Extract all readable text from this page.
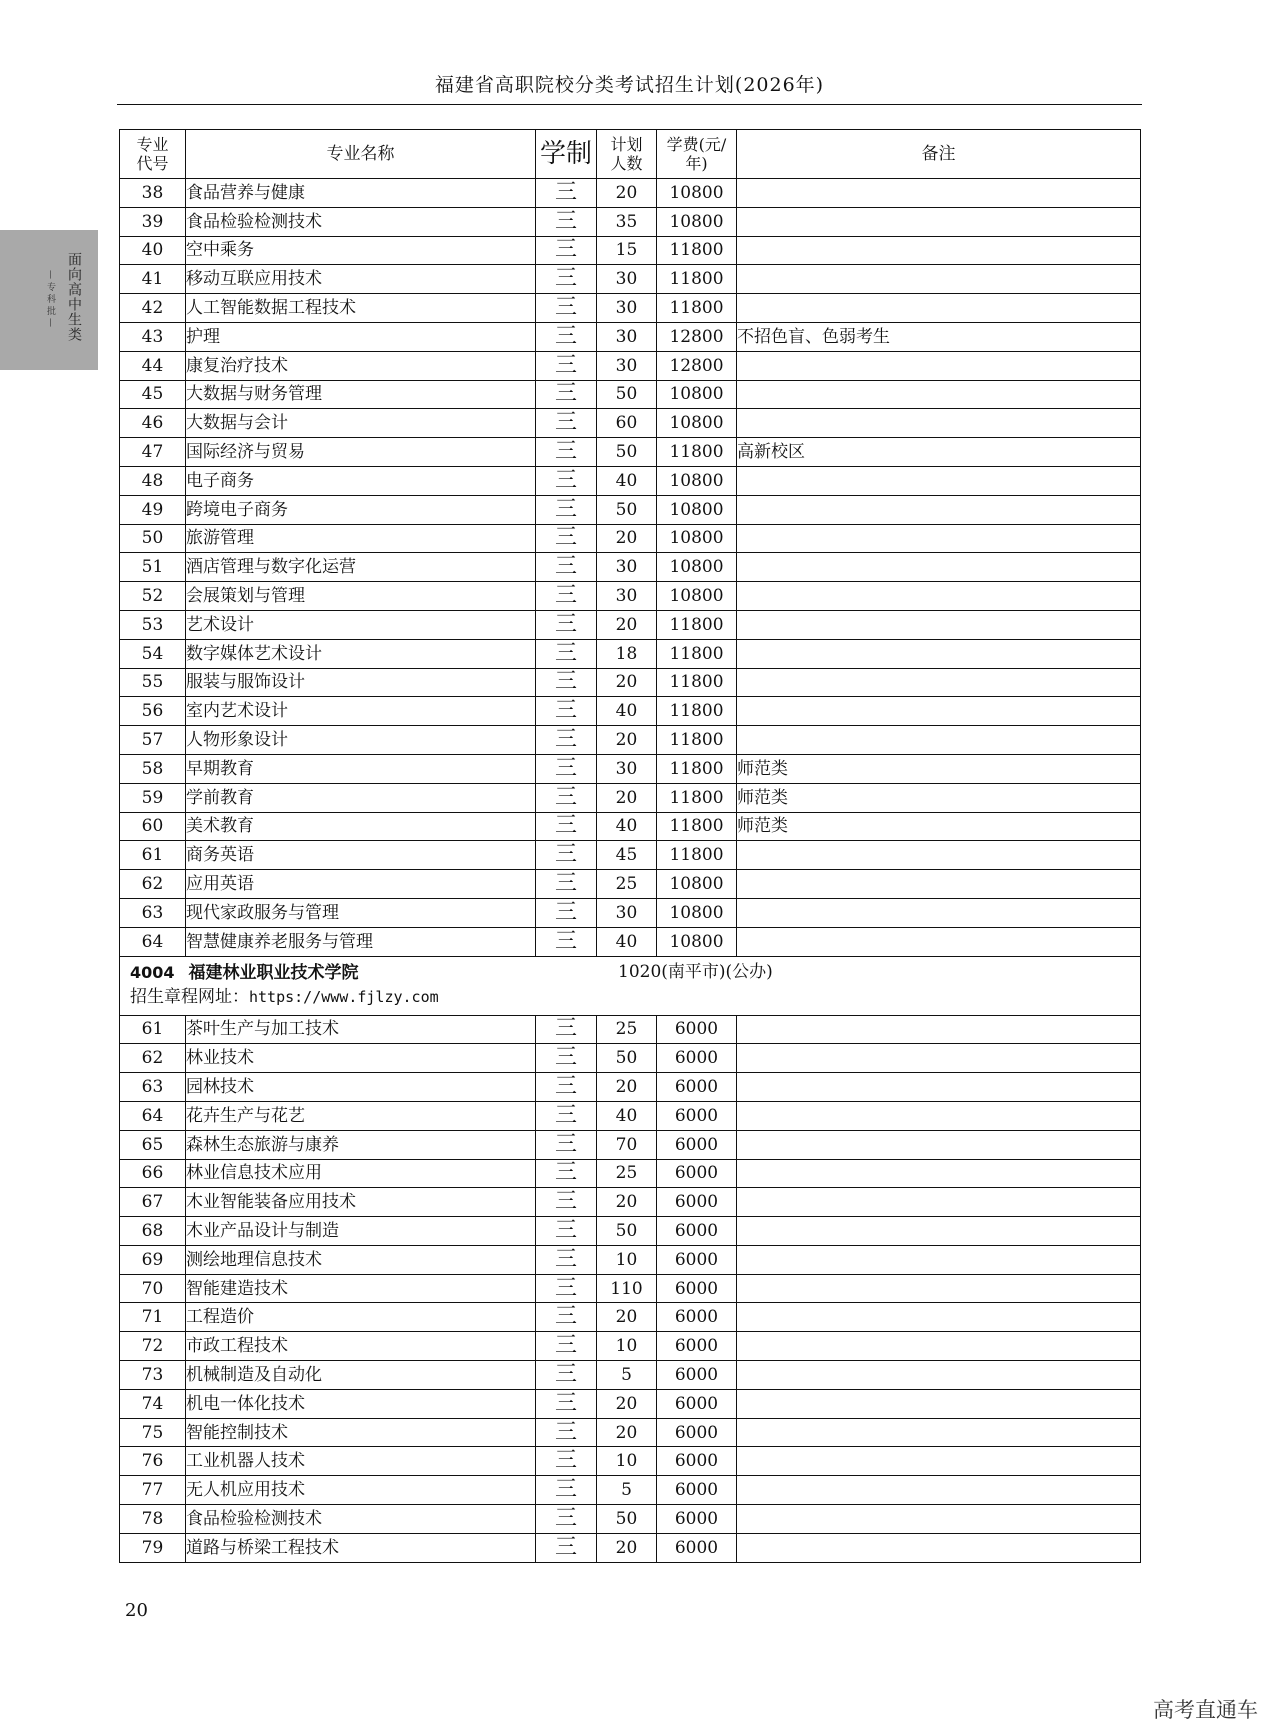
福建省高职院校分类考试招生计划(2026年)
面向高中生类
—专科批—
专业代号	专业名称	学制	计划人数	学费(元/年)	备注
38	食品营养与健康	三	20	10800	
39	食品检验检测技术	三	35	10800	
40	空中乘务	三	15	11800	
41	移动互联应用技术	三	30	11800	
42	人工智能数据工程技术	三	30	11800	
43	护理	三	30	12800	不招色盲、色弱考生
44	康复治疗技术	三	30	12800	
45	大数据与财务管理	三	50	10800	
46	大数据与会计	三	60	10800	
47	国际经济与贸易	三	50	11800	高新校区
48	电子商务	三	40	10800	
49	跨境电子商务	三	50	10800	
50	旅游管理	三	20	10800	
51	酒店管理与数字化运营	三	30	10800	
52	会展策划与管理	三	30	10800	
53	艺术设计	三	20	11800	
54	数字媒体艺术设计	三	18	11800	
55	服装与服饰设计	三	20	11800	
56	室内艺术设计	三	40	11800	
57	人物形象设计	三	20	11800	
58	早期教育	三	30	11800	师范类
59	学前教育	三	20	11800	师范类
60	美术教育	三	40	11800	师范类
61	商务英语	三	45	11800	
62	应用英语	三	25	10800	
63	现代家政服务与管理	三	30	10800	
64	智慧健康养老服务与管理	三	40	10800	

4004 福建林业职业技术学院 1020(南平市)(公办)
招生章程网址：https://www.fjlzy.com					

61	茶叶生产与加工技术	三	25	6000	
62	林业技术	三	50	6000	
63	园林技术	三	20	6000	
64	花卉生产与花艺	三	40	6000	
65	森林生态旅游与康养	三	70	6000	
66	林业信息技术应用	三	25	6000	
67	木业智能装备应用技术	三	20	6000	
68	木业产品设计与制造	三	50	6000	
69	测绘地理信息技术	三	10	6000	
70	智能建造技术	三	110	6000	
71	工程造价	三	20	6000	
72	市政工程技术	三	10	6000	
73	机械制造及自动化	三	5	6000	
74	机电一体化技术	三	20	6000	
75	智能控制技术	三	20	6000	
76	工业机器人技术	三	10	6000	
77	无人机应用技术	三	5	6000	
78	食品检验检测技术	三	50	6000	
79	道路与桥梁工程技术	三	20	6000	
20
高考直通车
